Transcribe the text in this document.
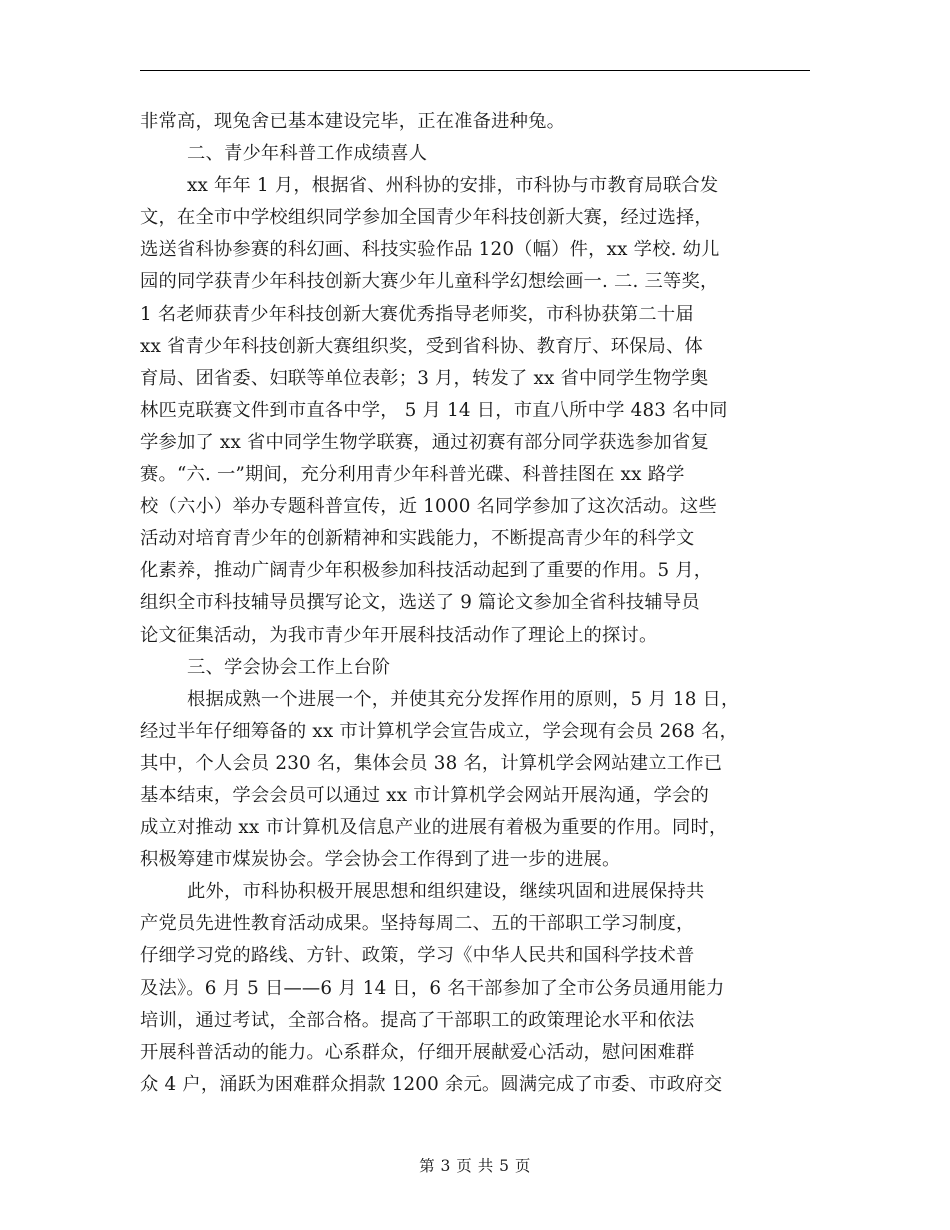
非常高，现兔舍已基本建设完毕，正在准备进种兔。
二、青少年科普工作成绩喜人
xx 年年 1 月，根据省、州科协的安排，市科协与市教育局联合发
文，在全市中学校组织同学参加全国青少年科技创新大赛，经过选择，
选送省科协参赛的科幻画、科技实验作品 120（幅）件，xx 学校. 幼儿
园的同学获青少年科技创新大赛少年儿童科学幻想绘画一. 二. 三等奖，
1 名老师获青少年科技创新大赛优秀指导老师奖，市科协获第二十届
xx 省青少年科技创新大赛组织奖，受到省科协、教育厅、环保局、体
育局、团省委、妇联等单位表彰；3 月，转发了 xx 省中同学生物学奥
林匹克联赛文件到市直各中学， 5 月 14 日，市直八所中学 483 名中同
学参加了 xx 省中同学生物学联赛，通过初赛有部分同学获选参加省复
赛。“六. 一”期间，充分利用青少年科普光碟、科普挂图在 xx 路学
校（六小）举办专题科普宣传，近 1000 名同学参加了这次活动。这些
活动对培育青少年的创新精神和实践能力，不断提高青少年的科学文
化素养，推动广阔青少年积极参加科技活动起到了重要的作用。5 月，
组织全市科技辅导员撰写论文，选送了 9 篇论文参加全省科技辅导员
论文征集活动，为我市青少年开展科技活动作了理论上的探讨。
三、学会协会工作上台阶
根据成熟一个进展一个，并使其充分发挥作用的原则，5 月 18 日，
经过半年仔细筹备的 xx 市计算机学会宣告成立，学会现有会员 268 名，
其中，个人会员 230 名，集体会员 38 名，计算机学会网站建立工作已
基本结束，学会会员可以通过 xx 市计算机学会网站开展沟通，学会的
成立对推动 xx 市计算机及信息产业的进展有着极为重要的作用。同时，
积极筹建市煤炭协会。学会协会工作得到了进一步的进展。
此外，市科协积极开展思想和组织建设，继续巩固和进展保持共
产党员先进性教育活动成果。坚持每周二、五的干部职工学习制度，
仔细学习党的路线、方针、政策，学习《中华人民共和国科学技术普
及法》。6 月 5 日——6 月 14 日，6 名干部参加了全市公务员通用能力
培训，通过考试，全部合格。提高了干部职工的政策理论水平和依法
开展科普活动的能力。心系群众，仔细开展献爱心活动，慰问困难群
众 4 户，涌跃为困难群众捐款 1200 余元。圆满完成了市委、市政府交
第 3 页 共 5 页
